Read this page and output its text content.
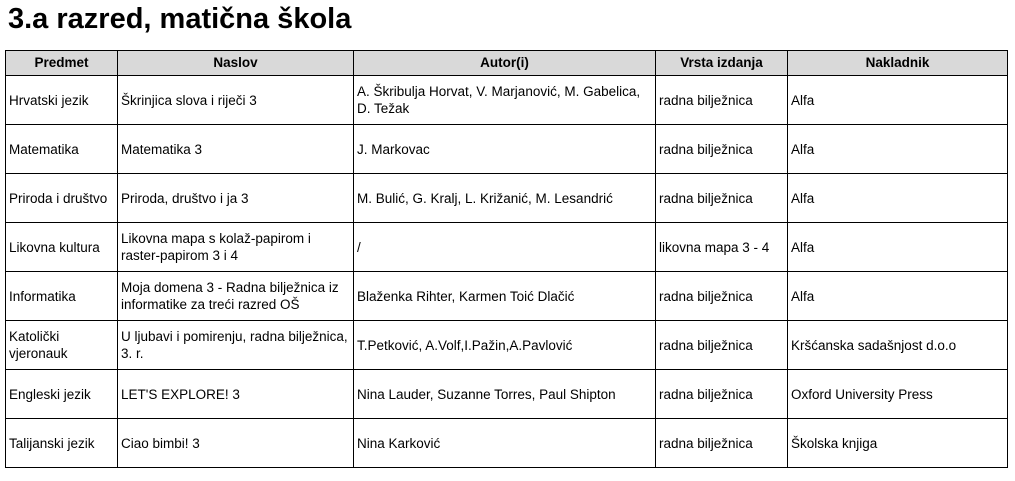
3.a razred, matična škola
Predmet	Naslov	Autor(i)	Vrsta izdanja	Nakladnik
Hrvatski jezik	Škrinjica slova i riječi 3	A. Škribulja Horvat, V. Marjanović, M. Gabelica, D. Težak	radna bilježnica	Alfa
Matematika	Matematika 3	J. Markovac	radna bilježnica	Alfa
Priroda i društvo	Priroda, društvo i ja 3	M. Bulić, G. Kralj, L. Križanić, M. Lesandrić	radna bilježnica	Alfa
Likovna kultura	Likovna mapa s kolaž-papirom i raster-papirom 3 i 4	/	likovna mapa 3 - 4	Alfa
Informatika	Moja domena 3 - Radna bilježnica iz informatike za treći razred OŠ	Blaženka Rihter, Karmen Toić Dlačić	radna bilježnica	Alfa
Katolički vjeronauk	U ljubavi i pomirenju, radna bilježnica, 3. r.	T.Petković, A.Volf,I.Pažin,A.Pavlović	radna bilježnica	Kršćanska sadašnjost d.o.o
Engleski jezik	LET'S EXPLORE! 3	Nina Lauder, Suzanne Torres, Paul Shipton	radna bilježnica	Oxford University Press
Talijanski jezik	Ciao bimbi! 3	Nina Karković	radna bilježnica	Školska knjiga
